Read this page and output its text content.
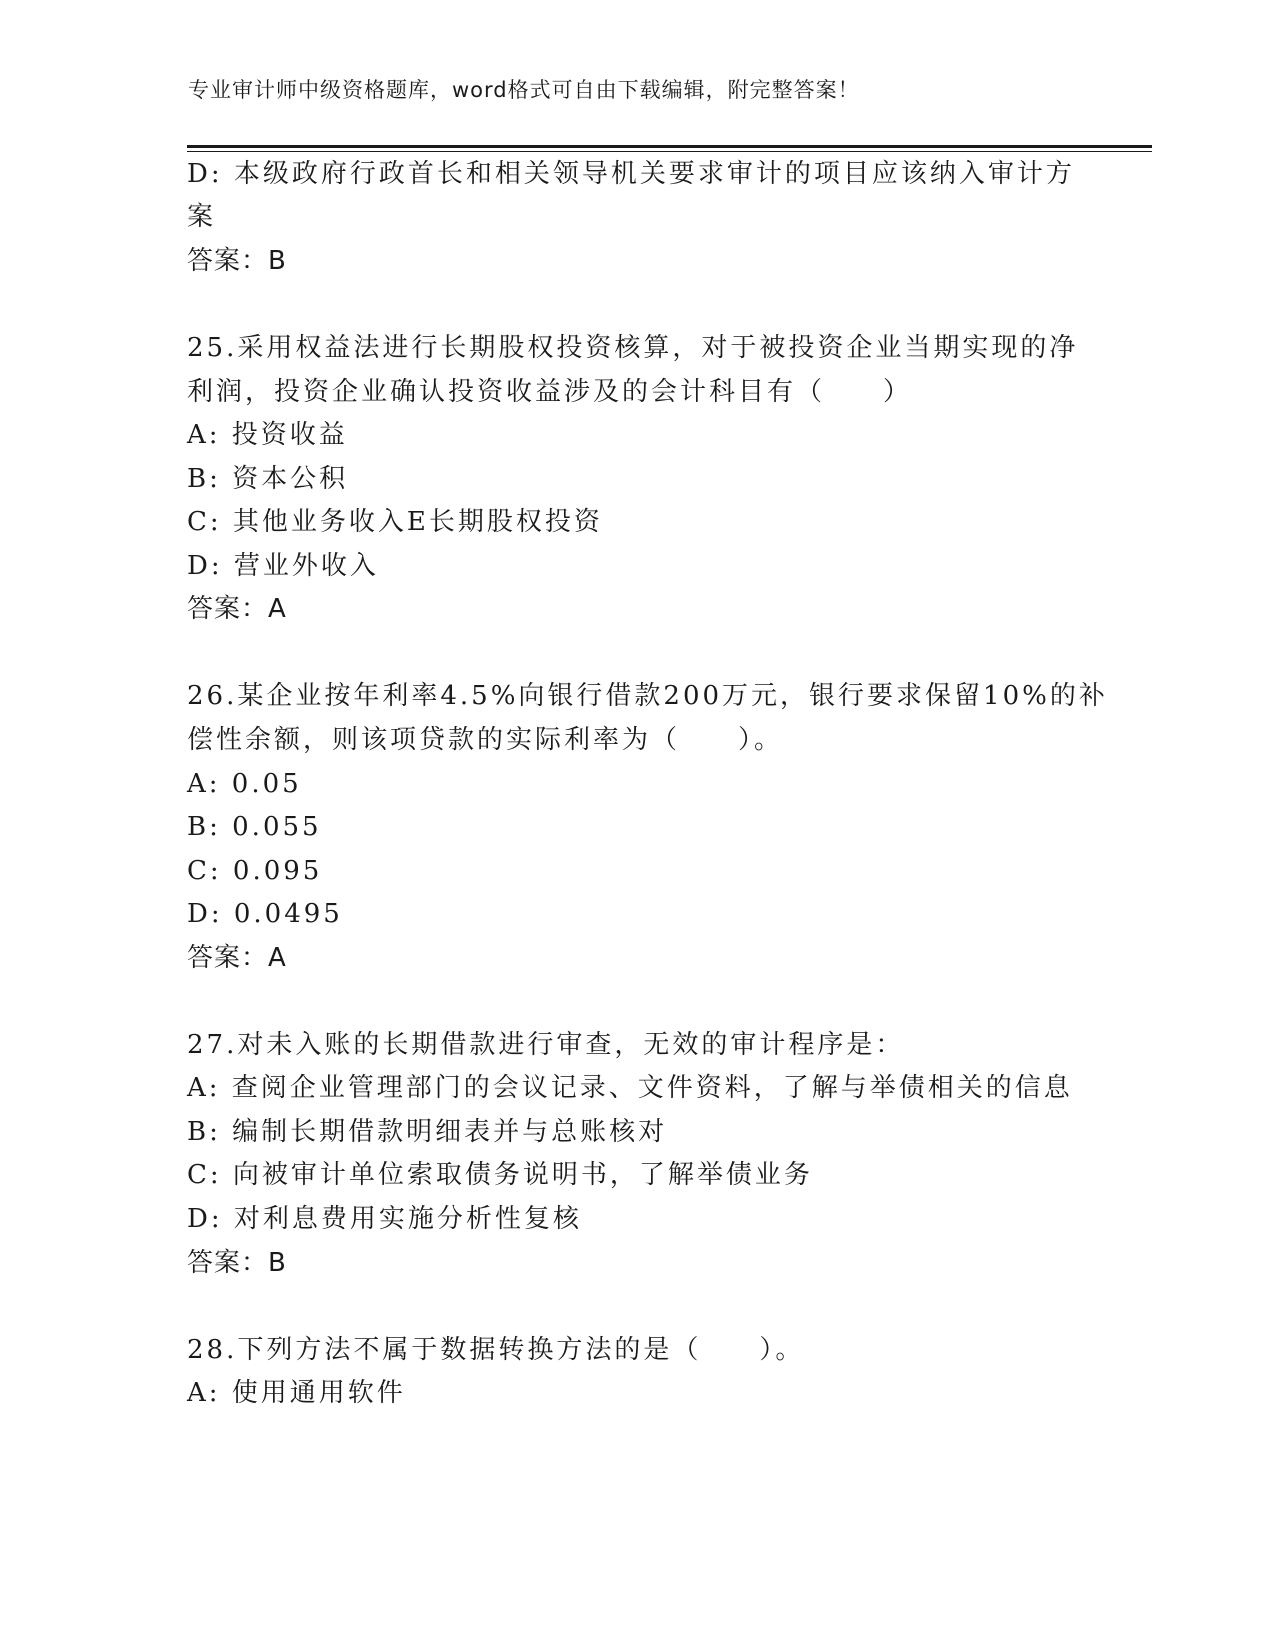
专业审计师中级资格题库，word格式可自由下载编辑，附完整答案！
D: 本级政府行政首长和相关领导机关要求审计的项目应该纳入审计方
案
答案：B
25.采用权益法进行长期股权投资核算，对于被投资企业当期实现的净
利润，投资企业确认投资收益涉及的会计科目有（　　）
A: 投资收益
B: 资本公积
C: 其他业务收入E长期股权投资
D: 营业外收入
答案：A
26.某企业按年利率4.5%向银行借款200万元，银行要求保留10%的补
偿性余额，则该项贷款的实际利率为（　　）。
A: 0.05
B: 0.055
C: 0.095
D: 0.0495
答案：A
27.对未入账的长期借款进行审查，无效的审计程序是：
A: 查阅企业管理部门的会议记录、文件资料，了解与举债相关的信息
B: 编制长期借款明细表并与总账核对
C: 向被审计单位索取债务说明书，了解举债业务
D: 对利息费用实施分析性复核
答案：B
28.下列方法不属于数据转换方法的是（　　）。
A: 使用通用软件
